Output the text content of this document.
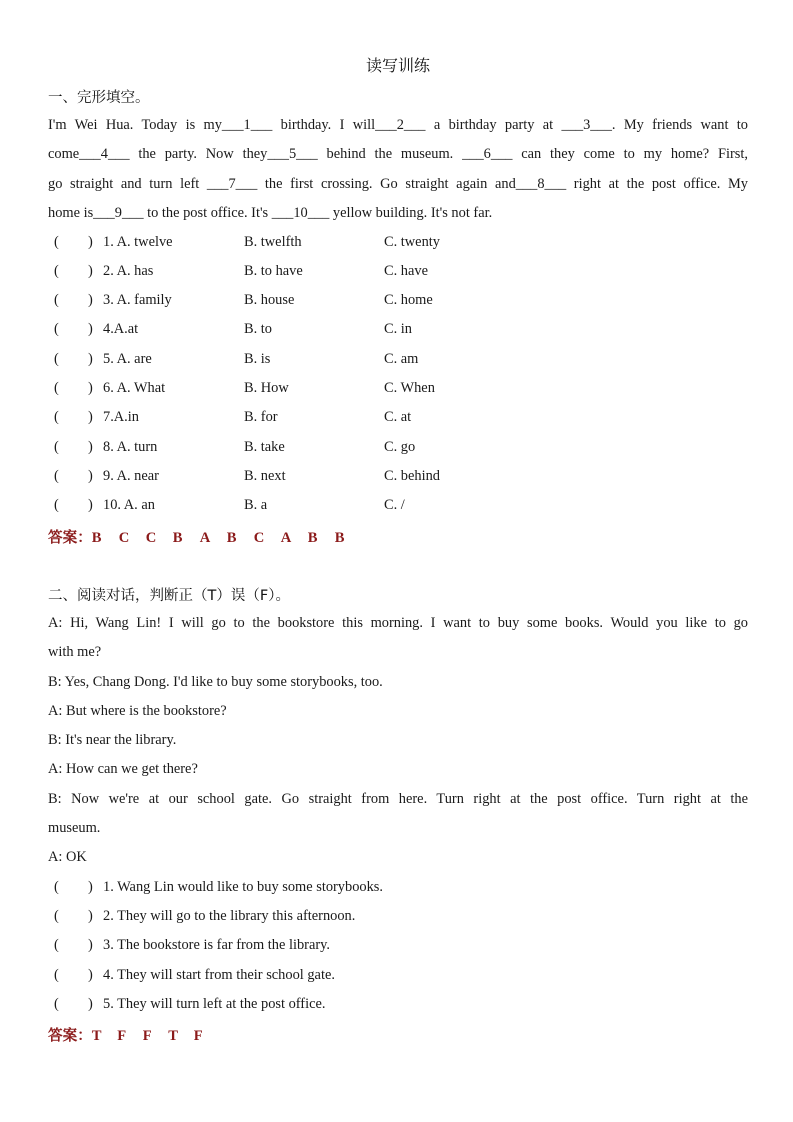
读写训练
一、完形填空。
I'm Wei Hua. Today is my___1___ birthday. I will___2___ a birthday party at ___3___. My friends want to
come___4___ the party. Now they___5___ behind the museum. ___6___ can they come to my home? First,
go straight and turn left ___7___ the first crossing. Go straight again and___8___ right at the post office. My
home is___9___ to the post office. It's ___10___ yellow building. It's not far.
( ) 1. A. twelve	B. twelfth	C. twenty
( ) 2. A. has	B. to have	C. have
( ) 3. A. family	B. house	C. home
( ) 4.A.at	B. to	C. in
( ) 5. A. are	B. is	C. am
( ) 6. A. What	B. How	C. When
( ) 7.A.in	B. for	C. at
( ) 8. A. turn	B. take	C. go
( ) 9. A. near	B. next	C. behind
( ) 10. A. an	B. a	C. /
答案：B C C B A B C A B B
二、阅读对话，判断正（T）误（F）。
A: Hi, Wang Lin! I will go to the bookstore this morning. I want to buy some books. Would you like to go
with me?
B: Yes, Chang Dong. I'd like to buy some storybooks, too.
A: But where is the bookstore?
B: It's near the library.
A: How can we get there?
B: Now we're at our school gate. Go straight from here. Turn right at the post office. Turn right at the
museum.
A: OK
( ) 1. Wang Lin would like to buy some storybooks.
( ) 2. They will go to the library this afternoon.
( ) 3. The bookstore is far from the library.
( ) 4. They will start from their school gate.
( ) 5. They will turn left at the post office.
答案：T F F T F
